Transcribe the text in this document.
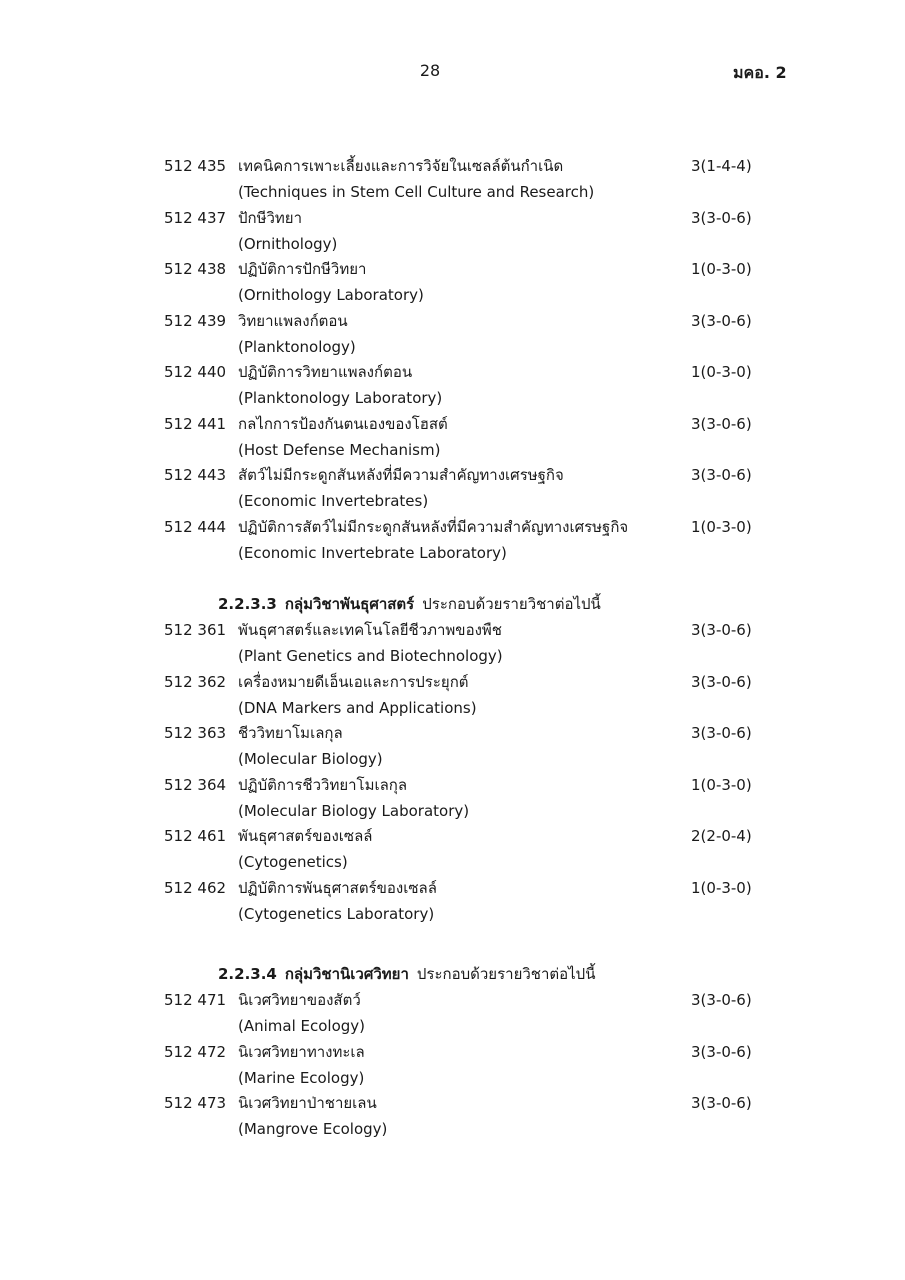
28	มคอ. 2
512 435 เทคนิคการเพาะเลี้ยงและการวิจัยในเซลล์ต้นกำเนิด
(Techniques in Stem Cell Culture and Research)
3(1-4-4)
512 437 ปักษีวิทยา
(Ornithology)
3(3-0-6)
512 438 ปฏิบัติการปักษีวิทยา
(Ornithology Laboratory)
1(0-3-0)
512 439 วิทยาแพลงก์ตอน
(Planktonology)
3(3-0-6)
512 440 ปฏิบัติการวิทยาแพลงก์ตอน
(Planktonology Laboratory)
1(0-3-0)
512 441 กลไกการป้องกันตนเองของโฮสต์
(Host Defense Mechanism)
3(3-0-6)
512 443 สัตว์ไม่มีกระดูกสันหลังที่มีความสำคัญทางเศรษฐกิจ
(Economic Invertebrates)
3(3-0-6)
512 444 ปฏิบัติการสัตว์ไม่มีกระดูกสันหลังที่มีความสำคัญทางเศรษฐกิจ
(Economic Invertebrate Laboratory)
1(0-3-0)
2.2.3.3 กลุ่มวิชาพันธุศาสตร์ ประกอบด้วยรายวิชาต่อไปนี้
512 361 พันธุศาสตร์และเทคโนโลยีชีวภาพของพืช
(Plant Genetics and Biotechnology)
3(3-0-6)
512 362 เครื่องหมายดีเอ็นเอและการประยุกต์
(DNA Markers and Applications)
3(3-0-6)
512 363 ชีววิทยาโมเลกุล
(Molecular Biology)
3(3-0-6)
512 364 ปฏิบัติการชีววิทยาโมเลกุล
(Molecular Biology Laboratory)
1(0-3-0)
512 461 พันธุศาสตร์ของเซลล์
(Cytogenetics)
2(2-0-4)
512 462 ปฏิบัติการพันธุศาสตร์ของเซลล์
(Cytogenetics Laboratory)
1(0-3-0)
2.2.3.4 กลุ่มวิชานิเวศวิทยา ประกอบด้วยรายวิชาต่อไปนี้
512 471 นิเวศวิทยาของสัตว์
(Animal Ecology)
3(3-0-6)
512 472 นิเวศวิทยาทางทะเล
(Marine Ecology)
3(3-0-6)
512 473 นิเวศวิทยาป่าชายเลน
(Mangrove Ecology)
3(3-0-6)
